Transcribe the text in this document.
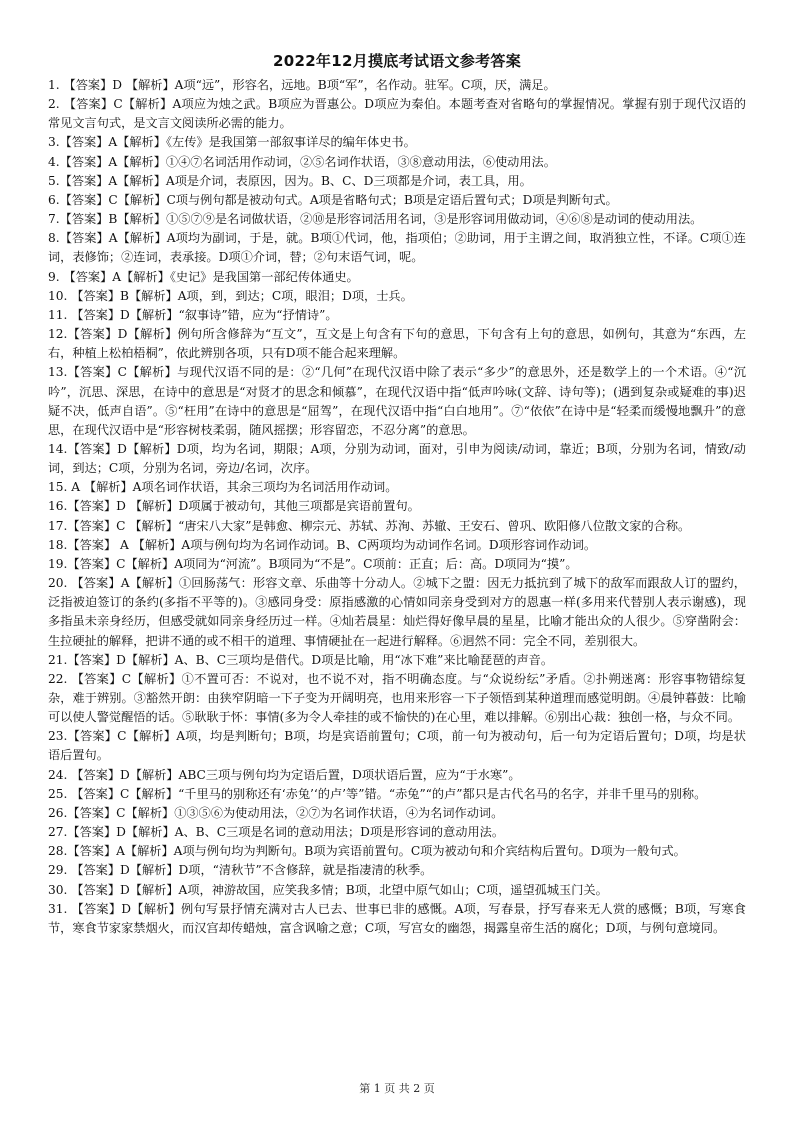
2022年12月摸底考试语文参考答案

1. 【答案】D 【解析】A项“远”，形容名，远地。B项“军”，名作动。驻军。C项，厌，满足。

2. 【答案】C【解析】A项应为烛之武。B项应为晋惠公。D项应为秦伯。本题考查对省略句的掌握情况。掌握有别于现代汉语的常见文言句式，是文言文阅读所必需的能力。

3.【答案】A【解析】《左传》是我国第一部叙事详尽的编年体史书。

4.【答案】A【解析】①④⑦名词活用作动词，②⑤名词作状语，③⑧意动用法，⑥使动用法。

5.【答案】A【解析】A项是介词，表原因，因为。B、C、D三项都是介词，表工具，用。

6.【答案】C【解析】C项与例句都是被动句式。A项是省略句式；B项是定语后置句式；D项是判断句式。

7.【答案】B【解析】①⑤⑦⑨是名词做状语，②⑩是形容词活用名词，③是形容词用做动词，④⑥⑧是动词的使动用法。

8.【答案】A【解析】A项均为副词，于是，就。B项①代词，他，指项伯；②助词，用于主谓之间，取消独立性，不译。C项①连词，表修饰；②连词，表承接。D项①介词，替；②句末语气词，呢。

9. 【答案】A【解析】《史记》是我国第一部纪传体通史。

10. 【答案】B【解析】A项，到，到达；C项，眼泪；D项，士兵。

11. 【答案】D【解析】“叙事诗”错，应为“抒情诗”。

12.【答案】D【解析】例句所含修辞为“互文”，互文是上句含有下句的意思，下句含有上句的意思，如例句，其意为“东西，左右，种植上松柏梧桐”，依此辨别各项，只有D项不能合起来理解。

13.【答案】C【解析】与现代汉语不同的是：②“几何”在现代汉语中除了表示“多少”的意思外，还是数学上的一个术语。④“沉吟”，沉思、深思，在诗中的意思是“对贤才的思念和倾慕”，在现代汉语中指“低声吟咏(文辞、诗句等)；(遇到复杂或疑难的事)迟疑不决，低声自语”。⑤“枉用”在诗中的意思是“屈驾”，在现代汉语中指“白白地用”。⑦“依依”在诗中是“轻柔而缓慢地飘升”的意思，在现代汉语中是“形容树枝柔弱，随风摇摆；形容留恋，不忍分离”的意思。

14.【答案】D【解析】D项，均为名词，期限；A项，分别为动词，面对，引申为阅读/动词，靠近；B项，分别为名词，情致/动词，到达；C项，分别为名词，旁边/名词，次序。

15. A 【解析】A项名词作状语，其余三项均为名词活用作动词。

16.【答案】D 【解析】D项属于被动句，其他三项都是宾语前置句。

17.【答案】C 【解析】“唐宋八大家”是韩愈、柳宗元、苏轼、苏洵、苏辙、王安石、曾巩、欧阳修八位散文家的合称。

18.【答案】 A 【解析】A项与例句均为名词作动词。B、C两项均为动词作名词。D项形容词作动词。

19.【答案】C【解析】A项同为“河流”。B项同为“不是”。C项前：正直；后：高。D项同为“摸”。

20. 【答案】A【解析】①回肠荡气：形容文章、乐曲等十分动人。②城下之盟：因无力抵抗到了城下的敌军而跟敌人订的盟约，泛指被迫签订的条约(多指不平等的)。③感同身受：原指感激的心情如同亲身受到对方的恩惠一样(多用来代替别人表示谢感)，现多指虽未亲身经历，但感受就如同亲身经历过一样。④灿若晨星：灿烂得好像早晨的星星，比喻才能出众的人很少。⑤穿凿附会：生拉硬扯的解释，把讲不通的或不相干的道理、事情硬扯在一起进行解释。⑥迥然不同：完全不同，差别很大。

21.【答案】D【解析】A、B、C三项均是借代。D项是比喻，用“冰下难”来比喻琵琶的声音。

22. 【答案】C【解析】①不置可否：不说对，也不说不对，指不明确态度。与“众说纷纭”矛盾。②扑朔迷离：形容事物错综复杂，难于辨别。③豁然开朗：由狭窄阴暗一下子变为开阔明亮，也用来形容一下子领悟到某种道理而感觉明朗。④晨钟暮鼓：比喻可以使人警觉醒悟的话。⑤耿耿于怀：事情(多为令人牵挂的或不愉快的)在心里，难以排解。⑥别出心裁：独创一格，与众不同。

23.【答案】C【解析】A项，均是判断句；B项，均是宾语前置句；C项，前一句为被动句，后一句为定语后置句；D项，均是状语后置句。

24. 【答案】D【解析】ABC三项与例句均为定语后置，D项状语后置，应为“于水寒”。

25. 【答案】C【解析】“千里马的别称还有‘赤兔’‘的卢’等”错。“赤兔”“的卢”都只是古代名马的名字，并非千里马的别称。

26.【答案】C【解析】①③⑤⑥为使动用法，②⑦为名词作状语，④为名词作动词。

27.【答案】D【解析】A、B、C三项是名词的意动用法；D项是形容词的意动用法。

28.【答案】A【解析】A项与例句均为判断句。B项为宾语前置句。C项为被动句和介宾结构后置句。D项为一般句式。

29. 【答案】D【解析】D项，“清秋节”不含修辞，就是指凄清的秋季。

30. 【答案】D【解析】A项，神游故国，应笑我多情；B项，北望中原气如山；C项，遥望孤城玉门关。

31. 【答案】D【解析】例句写景抒情充满对古人已去、世事已非的感慨。A项，写春景，抒写春来无人赏的感慨；B项，写寒食节，寒食节家家禁烟火，而汉宫却传蜡烛，富含讽喻之意；C项，写宫女的幽怨，揭露皇帝生活的腐化；D项，与例句意境同。

第 1 页 共 2 页
